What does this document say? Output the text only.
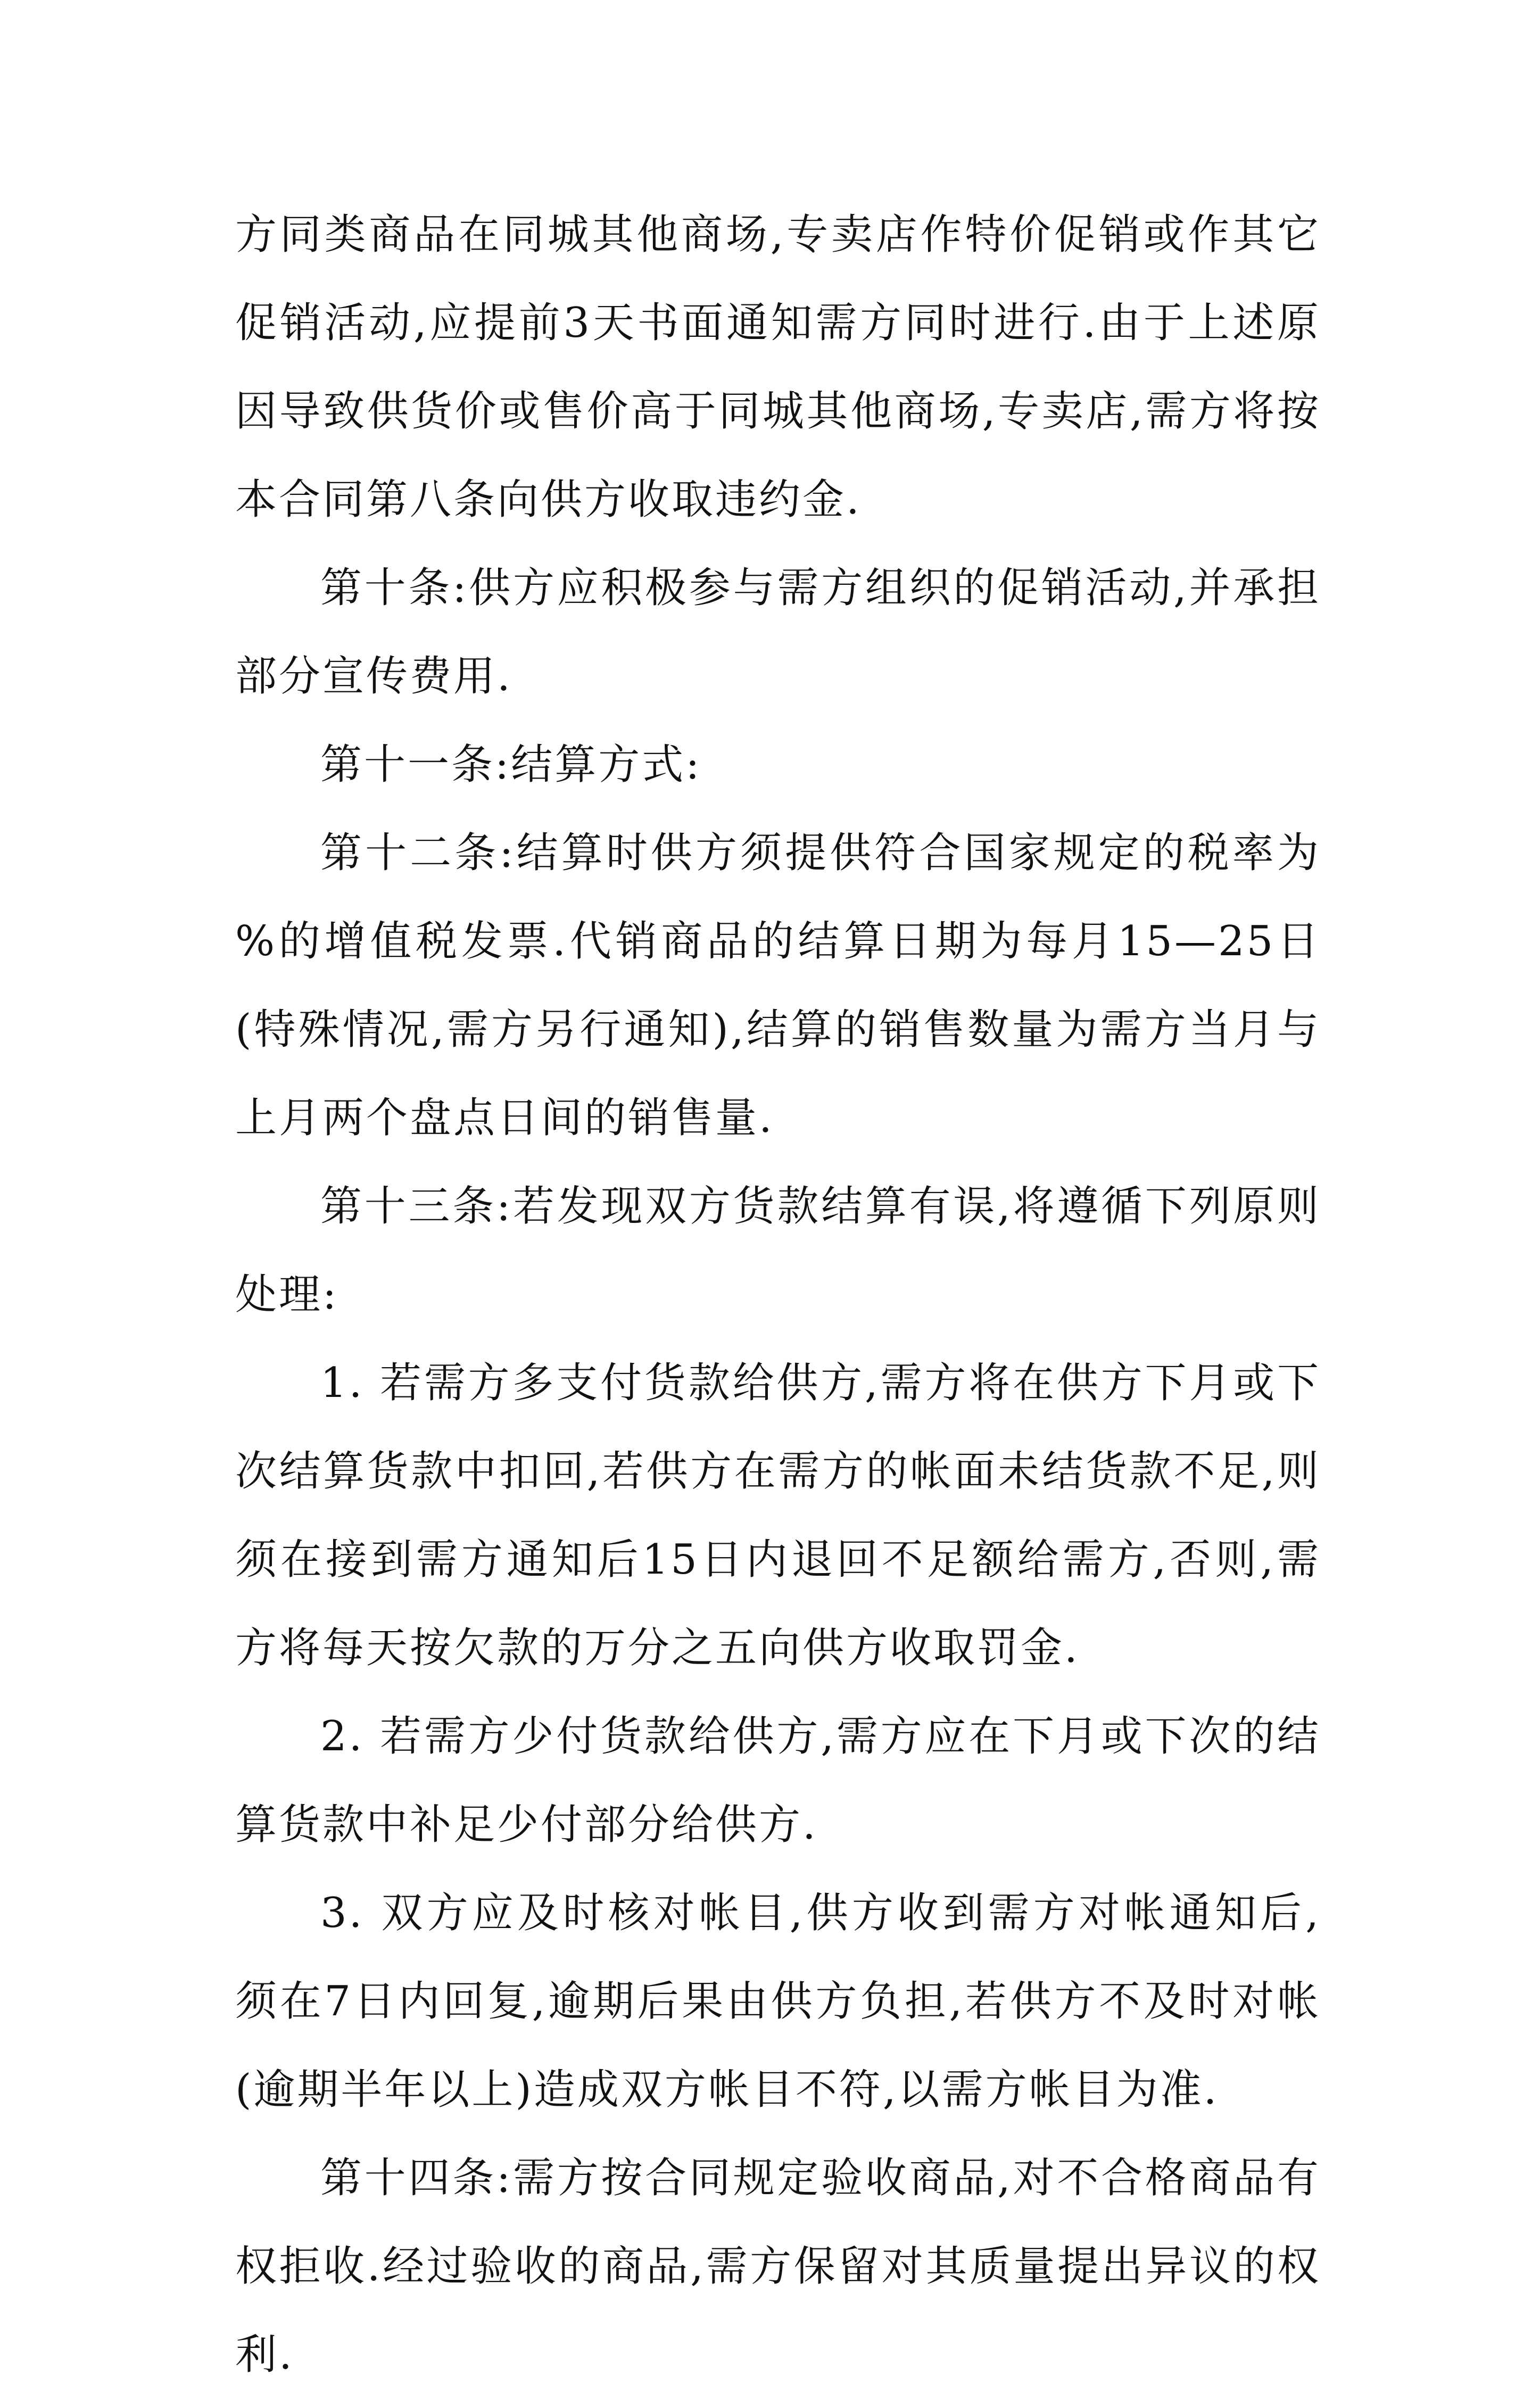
方同类商品在同城其他商场,专卖店作特价促销或作其它促销活动,应提前3天书面通知需方同时进行.由于上述原因导致供货价或售价高于同城其他商场,专卖店,需方将按本合同第八条向供方收取违约金.

第十条:供方应积极参与需方组织的促销活动,并承担部分宣传费用.

第十一条:结算方式:

第十二条:结算时供方须提供符合国家规定的税率为 %的增值税发票.代销商品的结算日期为每月15—25日(特殊情况,需方另行通知),结算的销售数量为需方当月与上月两个盘点日间的销售量.

第十三条:若发现双方货款结算有误,将遵循下列原则处理:

1. 若需方多支付货款给供方,需方将在供方下月或下次结算货款中扣回,若供方在需方的帐面未结货款不足,则须在接到需方通知后15日内退回不足额给需方,否则,需方将每天按欠款的万分之五向供方收取罚金.

2. 若需方少付货款给供方,需方应在下月或下次的结算货款中补足少付部分给供方.

3. 双方应及时核对帐目,供方收到需方对帐通知后,须在7日内回复,逾期后果由供方负担,若供方不及时对帐(逾期半年以上)造成双方帐目不符,以需方帐目为准.

第十四条:需方按合同规定验收商品,对不合格商品有权拒收.经过验收的商品,需方保留对其质量提出异议的权利.
